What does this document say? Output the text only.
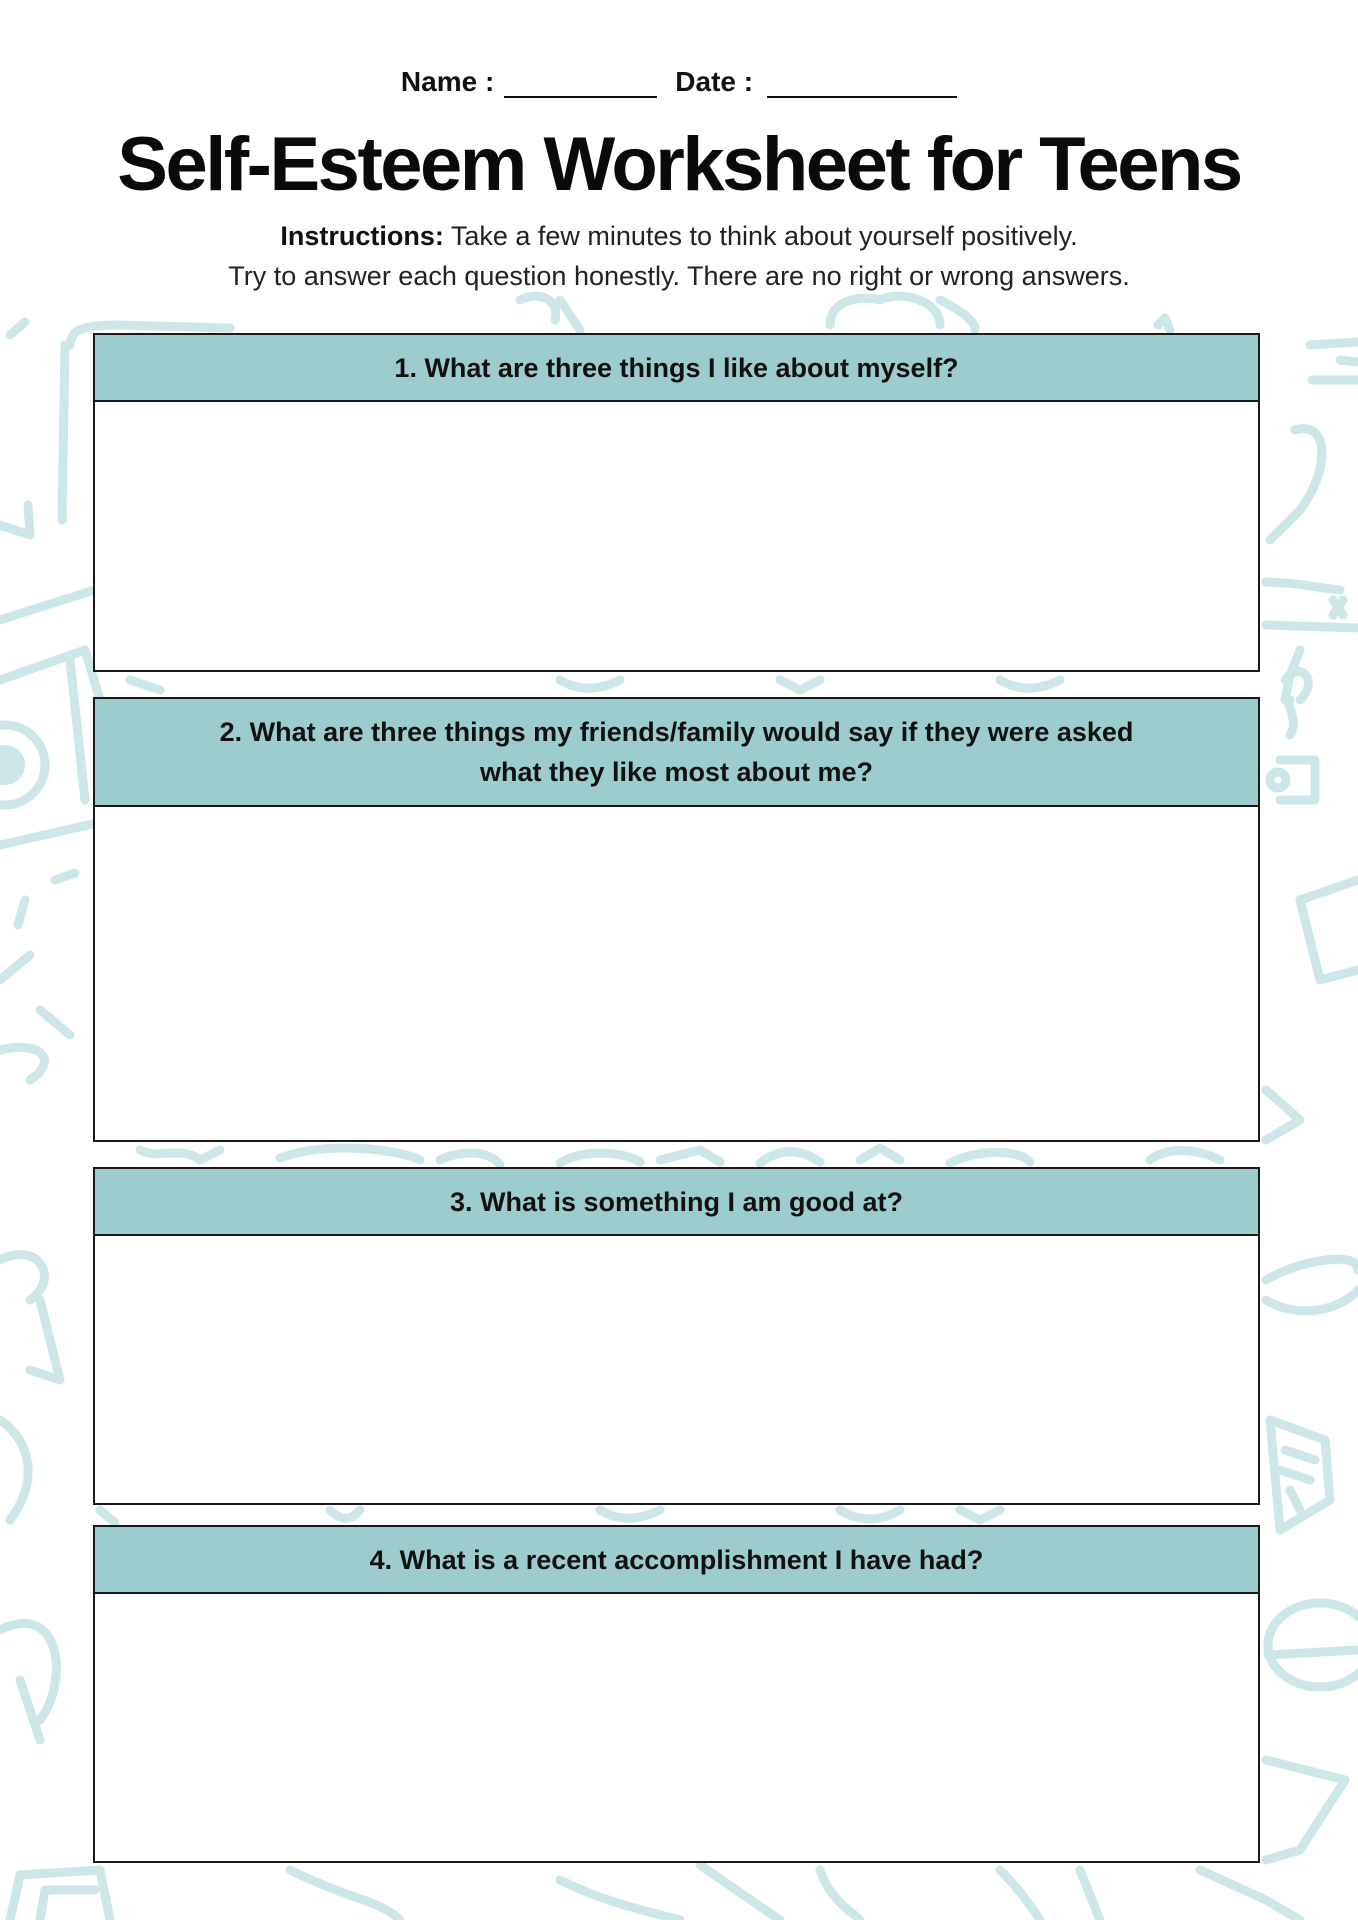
Name :	Date :
Self-Esteem Worksheet for Teens
Instructions: Take a few minutes to think about yourself positively.
Try to answer each question honestly. There are no right or wrong answers.
1. What are three things I like about myself?
2. What are three things my friends/family would say if they were asked
what they like most about me?
3. What is something I am good at?
4. What is a recent accomplishment I have had?
